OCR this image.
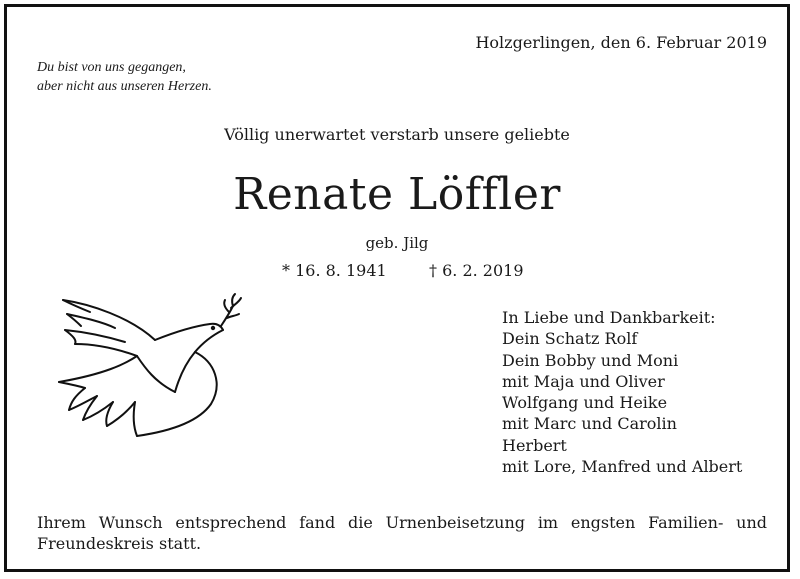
Holzgerlingen, den 6. Februar 2019
Du bist von uns gegangen,
aber nicht aus unseren Herzen.
Völlig unerwartet verstarb unsere geliebte
Renate Löffler
geb. Jilg
* 16. 8. 1941	† 6. 2. 2019
In Liebe und Dankbarkeit:
Dein Schatz Rolf
Dein Bobby und Moni
mit Maja und Oliver
Wolfgang und Heike
mit Marc und Carolin
Herbert
mit Lore, Manfred und Albert
Ihrem Wunsch entsprechend fand die Urnenbeisetzung im engsten Familien- und Freundeskreis statt.
